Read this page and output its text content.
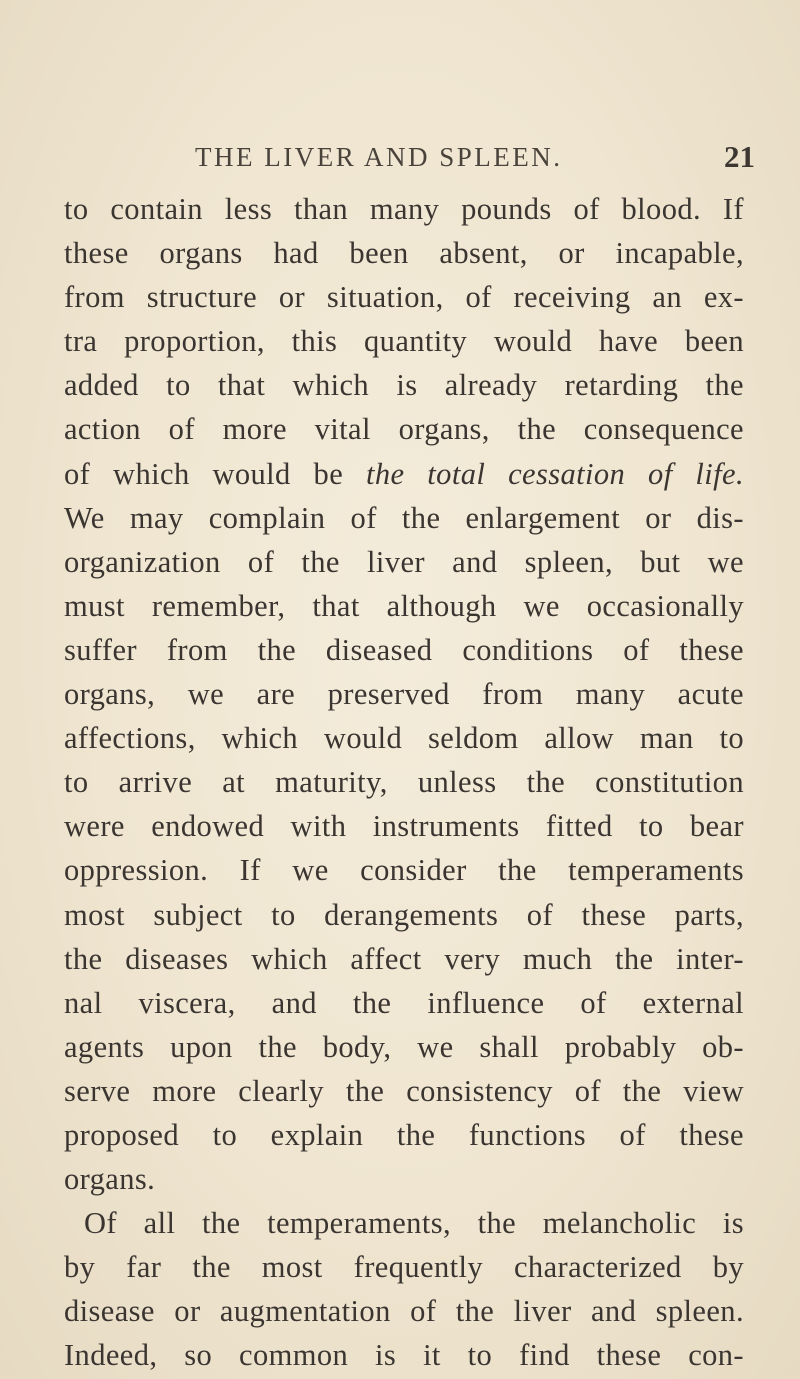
THE LIVER AND SPLEEN.	21
to contain less than many pounds of blood. If
these organs had been absent, or incapable,
from structure or situation, of receiving an ex-
tra proportion, this quantity would have been
added to that which is already retarding the
action of more vital organs, the consequence
of which would be the total cessation of life.
We may complain of the enlargement or dis-
organization of the liver and spleen, but we
must remember, that although we occasionally
suffer from the diseased conditions of these
organs, we are preserved from many acute
affections, which would seldom allow man to
to arrive at maturity, unless the constitution
were endowed with instruments fitted to bear
oppression. If we consider the temperaments
most subject to derangements of these parts,
the diseases which affect very much the inter-
nal viscera, and the influence of external
agents upon the body, we shall probably ob-
serve more clearly the consistency of the view
proposed to explain the functions of these
organs.
Of all the temperaments, the melancholic is
by far the most frequently characterized by
disease or augmentation of the liver and spleen.
Indeed, so common is it to find these con-
